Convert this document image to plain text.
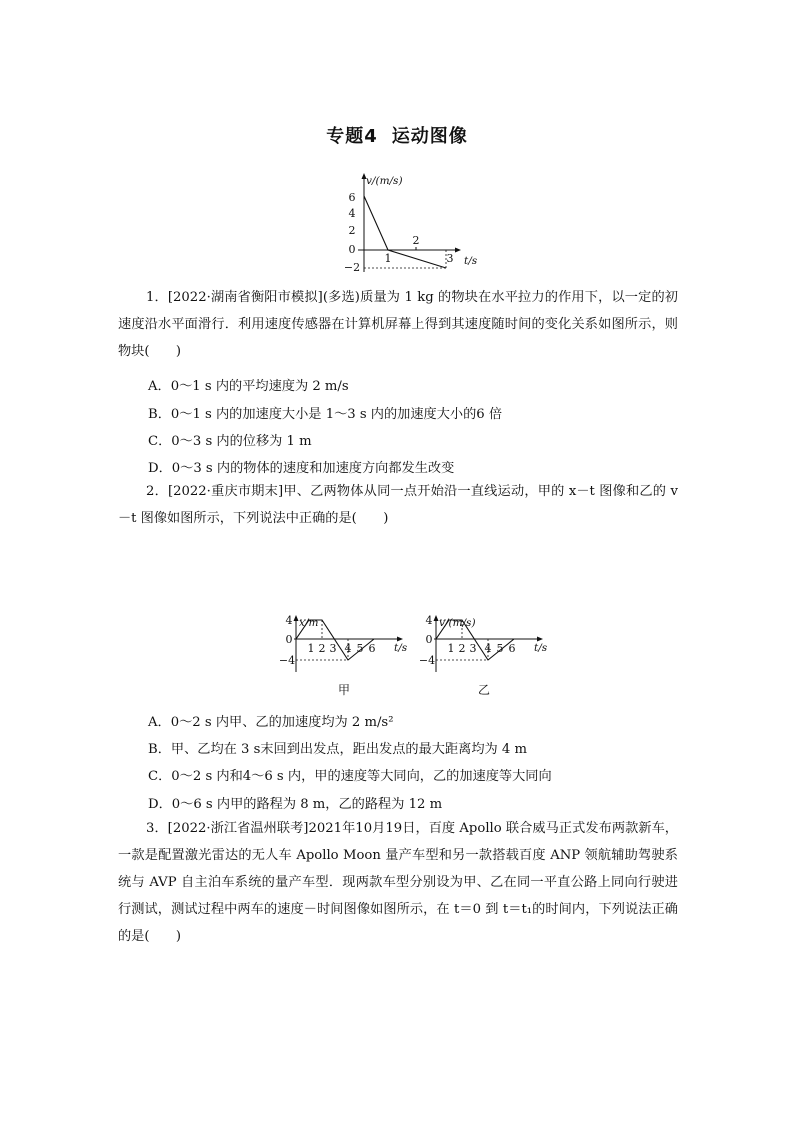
专题4 运动图像
v/(m/s)
t/s
6
4
2
0
−2
1
2
3
1．[2022·湖南省衡阳市模拟](多选)质量为 1 kg 的物块在水平拉力的作用下，以一定的初速度沿水平面滑行．利用速度传感器在计算机屏幕上得到其速度随时间的变化关系如图所示，则物块(　　)
A．0～1 s 内的平均速度为 2 m/s
B．0～1 s 内的加速度大小是 1～3 s 内的加速度大小的6 倍
C．0～3 s 内的位移为 1 m
D．0～3 s 内的物体的速度和加速度方向都发生改变
2．[2022·重庆市期末]甲、乙两物体从同一点开始沿一直线运动，甲的 x－t 图像和乙的 v－t 图像如图所示，下列说法中正确的是(　　)
x/m
t/s
4
0
−4
1 2 3 4 5 6
甲
v/(m/s)
t/s
4
0
−4
1 2 3 4 5 6
乙
A．0～2 s 内甲、乙的加速度均为 2 m/s²
B．甲、乙均在 3 s末回到出发点，距出发点的最大距离均为 4 m
C．0～2 s 内和4～6 s 内，甲的速度等大同向，乙的加速度等大同向
D．0～6 s 内甲的路程为 8 m，乙的路程为 12 m
3．[2022·浙江省温州联考]2021年10月19日，百度 Apollo 联合威马正式发布两款新车，一款是配置激光雷达的无人车 Apollo Moon 量产车型和另一款搭载百度 ANP 领航辅助驾驶系统与 AVP 自主泊车系统的量产车型．现两款车型分别设为甲、乙在同一平直公路上同向行驶进行测试，测试过程中两车的速度－时间图像如图所示，在 t＝0 到 t＝t₁的时间内，下列说法正确的是(　　)
